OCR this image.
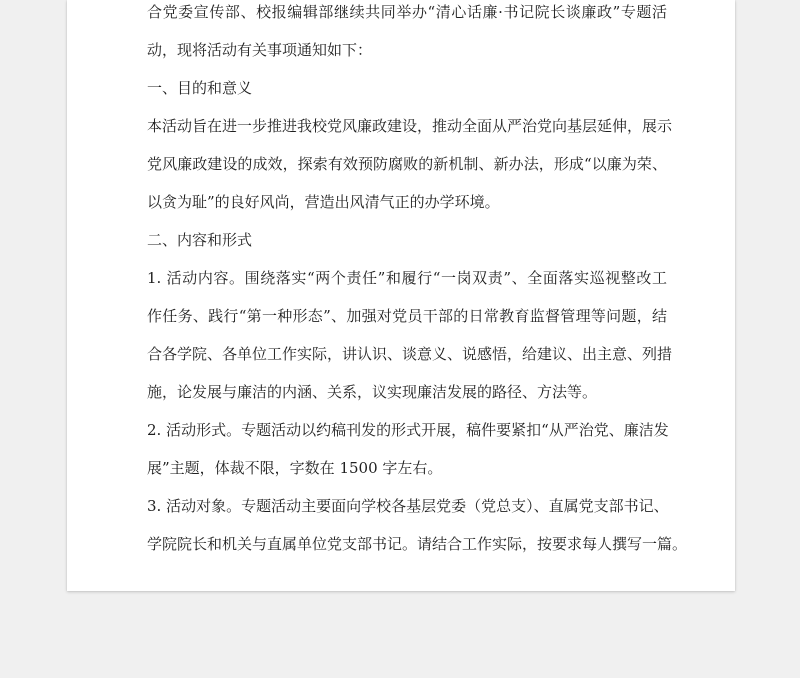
合党委宣传部、校报编辑部继续共同举办“清心话廉·书记院长谈廉政”专题活

动，现将活动有关事项通知如下：

一、目的和意义

本活动旨在进一步推进我校党风廉政建设，推动全面从严治党向基层延伸，展示

党风廉政建设的成效，探索有效预防腐败的新机制、新办法，形成“以廉为荣、

以贪为耻”的良好风尚，营造出风清气正的办学环境。

二、内容和形式

1. 活动内容。围绕落实“两个责任”和履行“一岗双责”、全面落实巡视整改工

作任务、践行“第一种形态”、加强对党员干部的日常教育监督管理等问题，结

合各学院、各单位工作实际，讲认识、谈意义、说感悟，给建议、出主意、列措

施，论发展与廉洁的内涵、关系，议实现廉洁发展的路径、方法等。

2. 活动形式。专题活动以约稿刊发的形式开展，稿件要紧扣“从严治党、廉洁发

展”主题，体裁不限，字数在 1500 字左右。

3. 活动对象。专题活动主要面向学校各基层党委（党总支）、直属党支部书记、

学院院长和机关与直属单位党支部书记。请结合工作实际，按要求每人撰写一篇。
